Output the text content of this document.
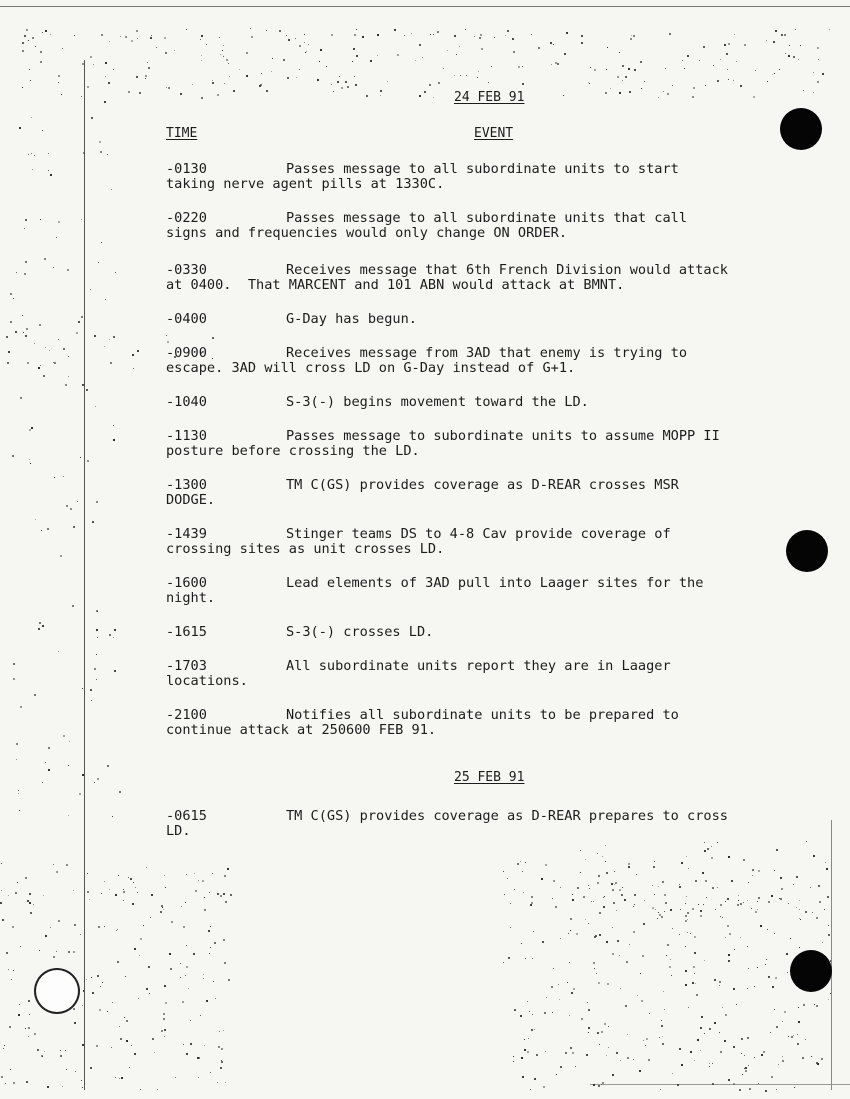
24 FEB 91
TIME	EVENT
-0130	Passes message to all subordinate units to start
taking nerve agent pills at 1330C.
-0220	Passes message to all subordinate units that call
signs and frequencies would only change ON ORDER.
-0330	Receives message that 6th French Division would attack
at 0400.  That MARCENT and 101 ABN would attack at BMNT.
-0400	G-Day has begun.
-0900	Receives message from 3AD that enemy is trying to
escape. 3AD will cross LD on G-Day instead of G+1.
-1040	S-3(-) begins movement toward the LD.
-1130	Passes message to subordinate units to assume MOPP II
posture before crossing the LD.
-1300	TM C(GS) provides coverage as D-REAR crosses MSR
DODGE.
-1439	Stinger teams DS to 4-8 Cav provide coverage of
crossing sites as unit crosses LD.
-1600	Lead elements of 3AD pull into Laager sites for the
night.
-1615	S-3(-) crosses LD.
-1703	All subordinate units report they are in Laager
locations.
-2100	Notifies all subordinate units to be prepared to
continue attack at 250600 FEB 91.
25 FEB 91
-0615	TM C(GS) provides coverage as D-REAR prepares to cross
LD.
